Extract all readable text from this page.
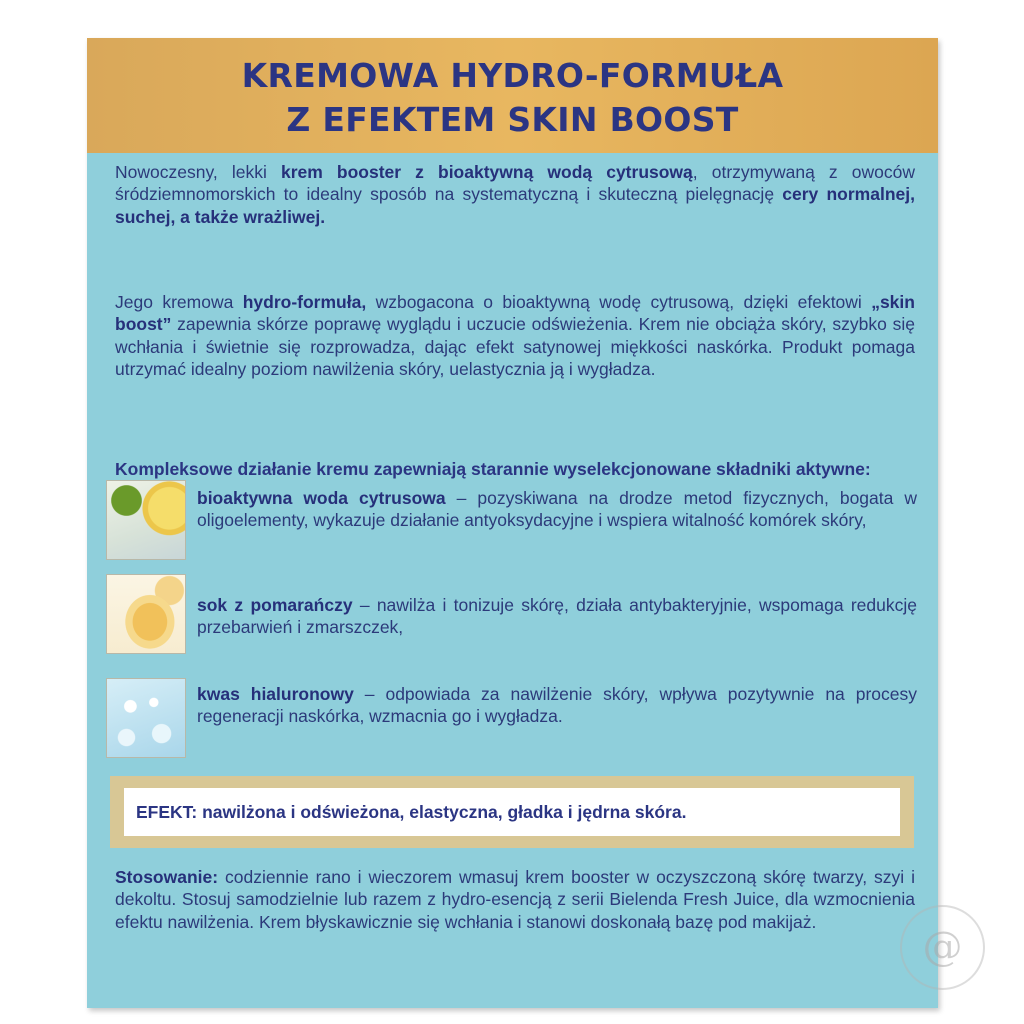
KREMOWA HYDRO-FORMUŁA
Z EFEKTEM SKIN BOOST
Nowoczesny, lekki krem booster z bioaktywną wodą cytrusową, otrzymywaną z owoców śródziemnomorskich to idealny sposób na systematyczną i skuteczną pielęgnację cery normalnej, suchej, a także wrażliwej.
Jego kremowa hydro-formuła, wzbogacona o bioaktywną wodę cytrusową, dzięki efektowi „skin boost” zapewnia skórze poprawę wyglądu i uczucie odświeżenia. Krem nie obciąża skóry, szybko się wchłania i świetnie się rozprowadza, dając efekt satynowej miękkości naskórka. Produkt pomaga utrzymać idealny poziom nawilżenia skóry, uelastycznia ją i wygładza.
Kompleksowe działanie kremu zapewniają starannie wyselekcjonowane składniki aktywne:
bioaktywna woda cytrusowa – pozyskiwana na drodze metod fizycznych, bogata w oligoelementy, wykazuje działanie antyoksydacyjne i wspiera witalność komórek skóry,
sok z pomarańczy – nawilża i tonizuje skórę, działa antybakteryjnie, wspomaga redukcję przebarwień i zmarszczek,
kwas hialuronowy – odpowiada za nawilżenie skóry, wpływa pozytywnie na procesy regeneracji naskórka, wzmacnia go i wygładza.
EFEKT: nawilżona i odświeżona, elastyczna, gładka i jędrna skóra.
Stosowanie: codziennie rano i wieczorem wmasuj krem booster w oczyszczoną skórę twarzy, szyi i dekoltu. Stosuj samodzielnie lub razem z hydro-esencją z serii Bielenda Fresh Juice, dla wzmocnienia efektu nawilżenia. Krem błyskawicznie się wchłania i stanowi doskonałą bazę pod makijaż.
@
